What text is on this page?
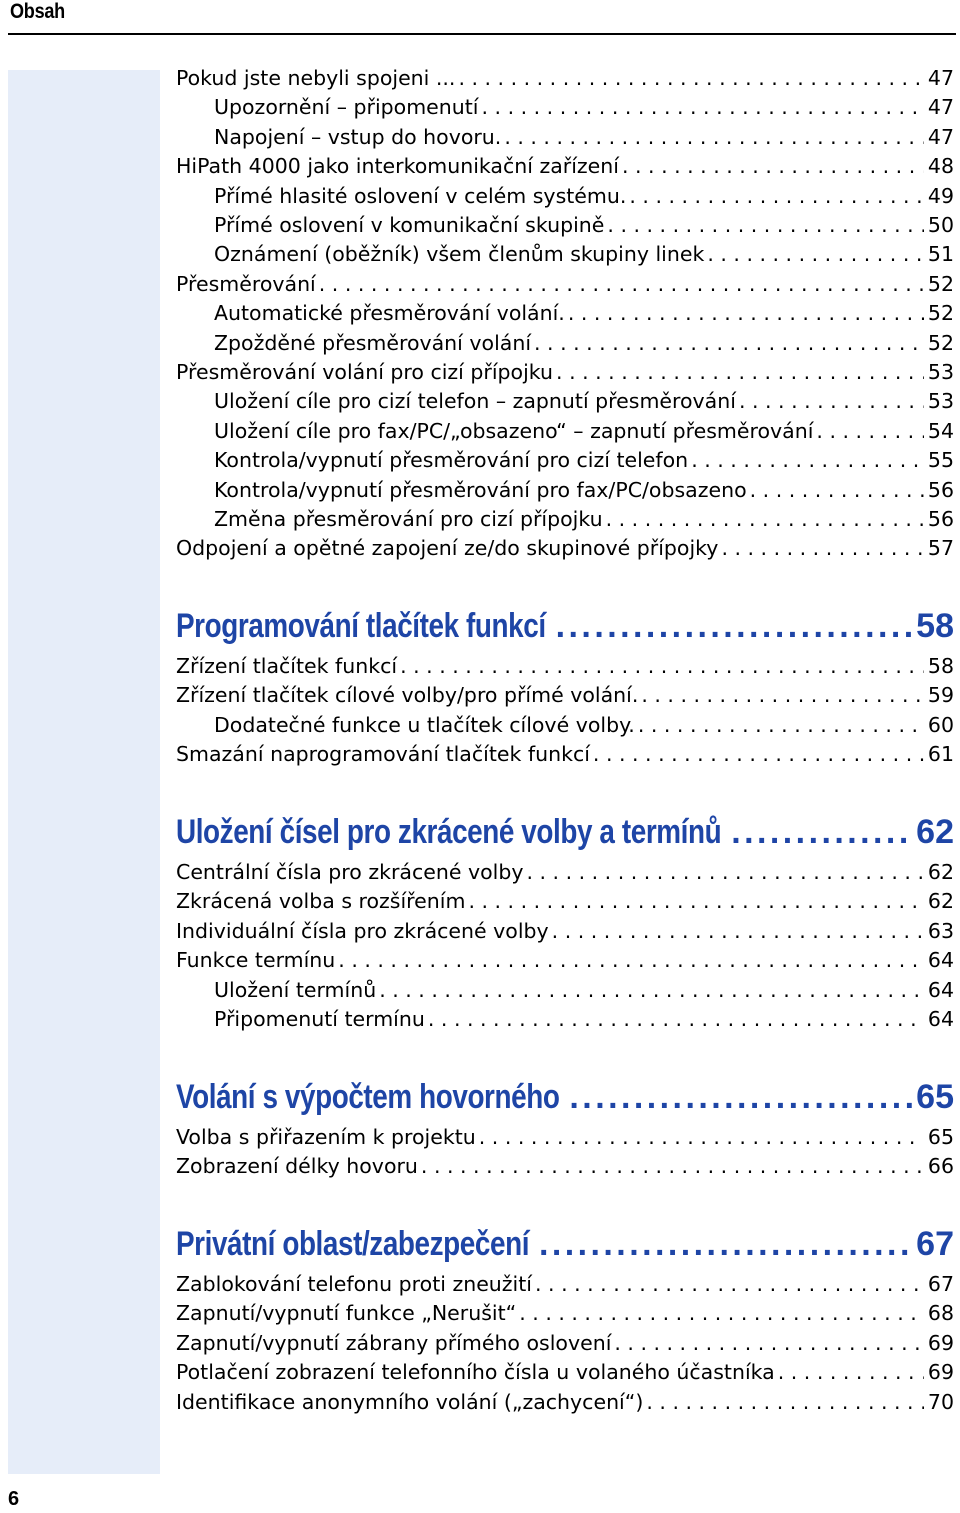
Obsah
Pokud jste nebyli spojeni ... . . .	47
Upozornění – připomenutí . . .	47
Napojení – vstup do hovoru. . . .	47
HiPath 4000 jako interkomunikační zařízení . . .	48
Přímé hlasité oslovení v celém systému. . . .	49
Přímé oslovení v komunikační skupině . . .	50
Oznámení (oběžník) všem členům skupiny linek . . .	51
Přesměrování . . .	52
Automatické přesměrování volání. . . .	52
Zpožděné přesměrování volání . . .	52
Přesměrování volání pro cizí přípojku . . .	53
Uložení cíle pro cizí telefon – zapnutí přesměrování . . .	53
Uložení cíle pro fax/PC/„obsazeno“ – zapnutí přesměrování . . .	54
Kontrola/vypnutí přesměrování pro cizí telefon . . .	55
Kontrola/vypnutí přesměrování pro fax/PC/obsazeno . . .	56
Změna přesměrování pro cizí přípojku . . .	56
Odpojení a opětné zapojení ze/do skupinové přípojky . . .	57
Programování tlačítek funkcí . . .	58
Zřízení tlačítek funkcí . . .	58
Zřízení tlačítek cílové volby/pro přímé volání. . . .	59
Dodatečné funkce u tlačítek cílové volby. . . .	60
Smazání naprogramování tlačítek funkcí . . .	61
Uložení čísel pro zkrácené volby a termínů . . .	62
Centrální čísla pro zkrácené volby . . .	62
Zkrácená volba s rozšířením . . .	62
Individuální čísla pro zkrácené volby . . .	63
Funkce termínu . . .	64
Uložení termínů . . .	64
Připomenutí termínu . . .	64
Volání s výpočtem hovorného . . .	65
Volba s přiřazením k projektu . . .	65
Zobrazení délky hovoru . . .	66
Privátní oblast/zabezpečení . . .	67
Zablokování telefonu proti zneužití . . .	67
Zapnutí/vypnutí funkce „Nerušit“ . . .	68
Zapnutí/vypnutí zábrany přímého oslovení . . .	69
Potlačení zobrazení telefonního čísla u volaného účastníka . . .	69
Identifikace anonymního volání („zachycení“) . . .	70
6
